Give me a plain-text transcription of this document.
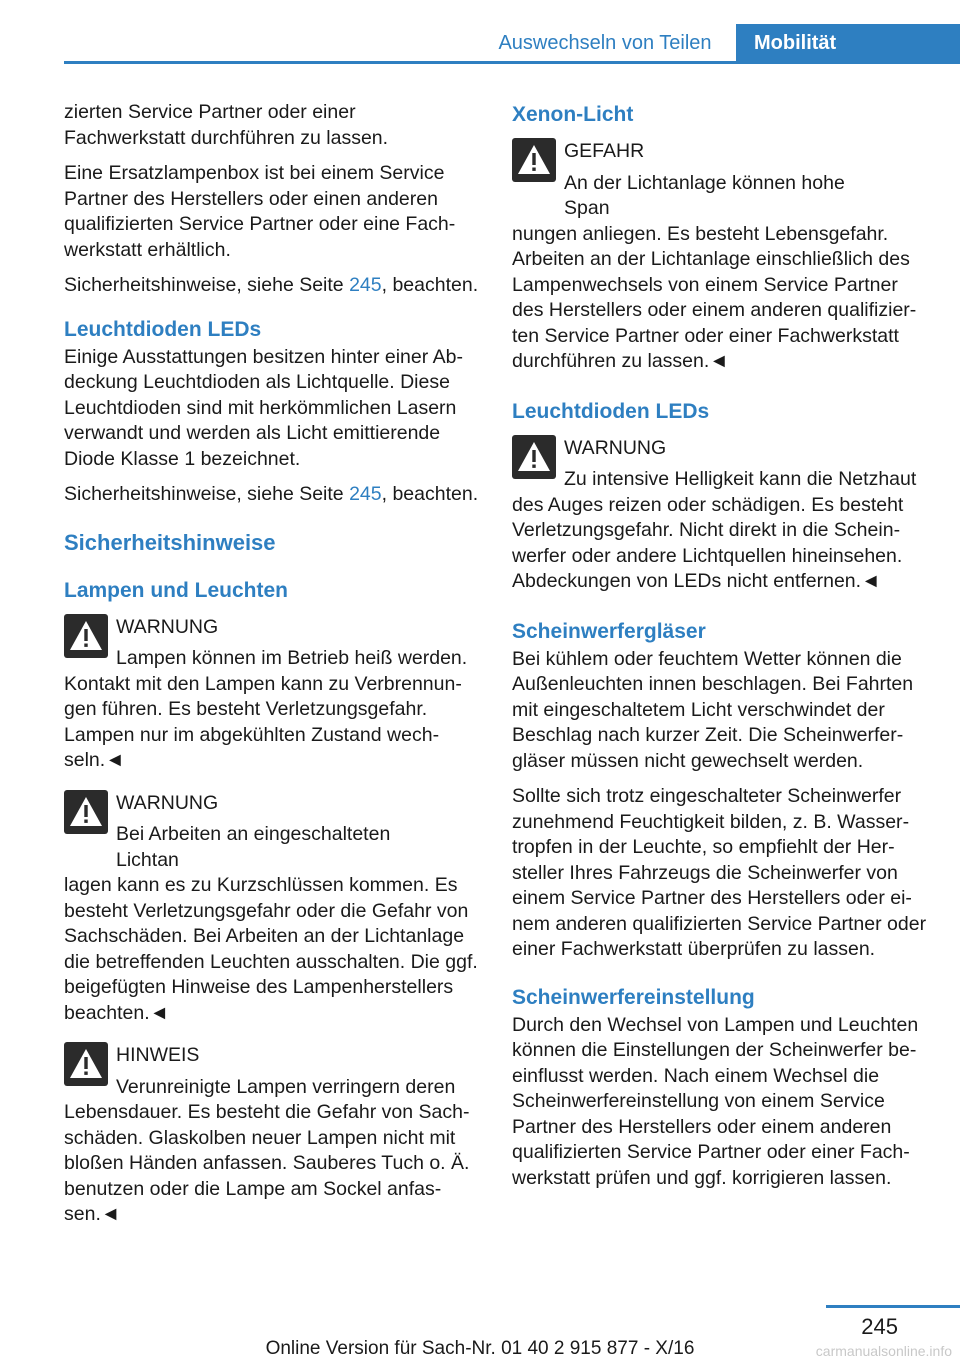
Auswechseln von Teilen	Mobilität

zierten Service Partner oder einer Fachwerkstatt durchführen zu lassen.

Eine Ersatzlampenbox ist bei einem Service Partner des Herstellers oder einen anderen qualifizierten Service Partner oder eine Fachwerkstatt erhältlich.

Sicherheitshinweise, siehe Seite 245, beachten.

Leuchtdioden LEDs

Einige Ausstattungen besitzen hinter einer Abdeckung Leuchtdioden als Lichtquelle. Diese Leuchtdioden sind mit herkömmlichen Lasern verwandt und werden als Licht emittierende Diode Klasse 1 bezeichnet.

Sicherheitshinweise, siehe Seite 245, beachten.

Sicherheitshinweise
Lampen und Leuchten
WARNUNG
Lampen können im Betrieb heiß werden.

Kontakt mit den Lampen kann zu Verbrennungen führen. Es besteht Verletzungsgefahr. Lampen nur im abgekühlten Zustand wechseln.◄

WARNUNG
Bei Arbeiten an eingeschalteten Lichtan

lagen kann es zu Kurzschlüssen kommen. Es besteht Verletzungsgefahr oder die Gefahr von Sachschäden. Bei Arbeiten an der Lichtanlage die betreffenden Leuchten ausschalten. Die ggf. beigefügten Hinweise des Lampenherstellers beachten.◄

HINWEIS
Verunreinigte Lampen verringern deren

Lebensdauer. Es besteht die Gefahr von Sachschäden. Glaskolben neuer Lampen nicht mit bloßen Händen anfassen. Sauberes Tuch o. Ä. benutzen oder die Lampe am Sockel anfassen.◄

Xenon-Licht
GEFAHR
An der Lichtanlage können hohe Span

nungen anliegen. Es besteht Lebensgefahr. Arbeiten an der Lichtanlage einschließlich des Lampenwechsels von einem Service Partner des Herstellers oder einem anderen qualifizierten Service Partner oder einer Fachwerkstatt durchführen zu lassen.◄

Leuchtdioden LEDs
WARNUNG
Zu intensive Helligkeit kann die Netzhaut

des Auges reizen oder schädigen. Es besteht Verletzungsgefahr. Nicht direkt in die Scheinwerfer oder andere Lichtquellen hineinsehen. Abdeckungen von LEDs nicht entfernen.◄

Scheinwerfergläser

Bei kühlem oder feuchtem Wetter können die Außenleuchten innen beschlagen. Bei Fahrten mit eingeschaltetem Licht verschwindet der Beschlag nach kurzer Zeit. Die Scheinwerfergläser müssen nicht gewechselt werden.

Sollte sich trotz eingeschalteter Scheinwerfer zunehmend Feuchtigkeit bilden, z. B. Wassertropfen in der Leuchte, so empfiehlt der Hersteller Ihres Fahrzeugs die Scheinwerfer von einem Service Partner des Herstellers oder einem anderen qualifizierten Service Partner oder einer Fachwerkstatt überprüfen zu lassen.

Scheinwerfereinstellung

Durch den Wechsel von Lampen und Leuchten können die Einstellungen der Scheinwerfer beeinflusst werden. Nach einem Wechsel die Scheinwerfereinstellung von einem Service Partner des Herstellers oder einem anderen qualifizierten Service Partner oder einer Fachwerkstatt prüfen und ggf. korrigieren lassen.

245
Online Version für Sach-Nr. 01 40 2 915 877 - X/16	carmanualsonline.info
